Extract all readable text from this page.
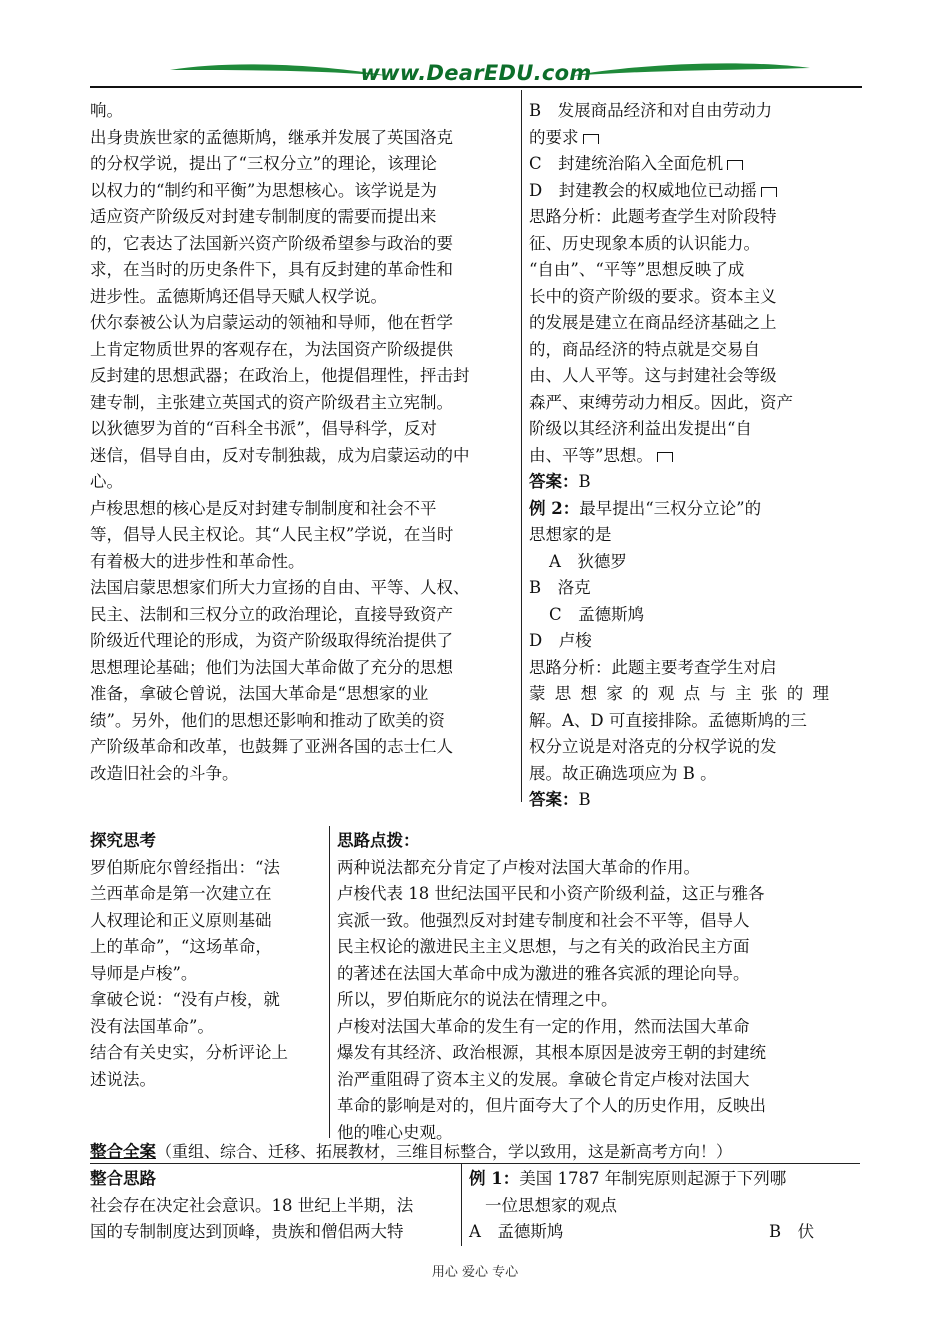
www.DearEDU.com

响。

出身贵族世家的孟德斯鸠，继承并发展了英国洛克

的分权学说，提出了“三权分立”的理论，该理论

以权力的“制约和平衡”为思想核心。该学说是为

适应资产阶级反对封建专制制度的需要而提出来

的，它表达了法国新兴资产阶级希望参与政治的要

求，在当时的历史条件下，具有反封建的革命性和

进步性。孟德斯鸠还倡导天赋人权学说。

伏尔泰被公认为启蒙运动的领袖和导师，他在哲学

上肯定物质世界的客观存在，为法国资产阶级提供

反封建的思想武器；在政治上，他提倡理性，抨击封

建专制，主张建立英国式的资产阶级君主立宪制。

以狄德罗为首的“百科全书派”，倡导科学，反对

迷信，倡导自由，反对专制独裁，成为启蒙运动的中

心。

卢梭思想的核心是反对封建专制制度和社会不平

等，倡导人民主权论。其“人民主权”学说，在当时

有着极大的进步性和革命性。

法国启蒙思想家们所大力宣扬的自由、平等、人权、

民主、法制和三权分立的政治理论，直接导致资产

阶级近代理论的形成，为资产阶级取得统治提供了

思想理论基础；他们为法国大革命做了充分的思想

准备，拿破仑曾说，法国大革命是“思想家的业

绩”。另外，他们的思想还影响和推动了欧美的资

产阶级革命和改革，也鼓舞了亚洲各国的志士仁人

改造旧社会的斗争。

B　发展商品经济和对自由劳动力

的要求

C　封建统治陷入全面危机

D　封建教会的权威地位已动摇

思路分析：此题考查学生对阶段特

征、历史现象本质的认识能力。

“自由”、“平等”思想反映了成

长中的资产阶级的要求。资本主义

的发展是建立在商品经济基础之上

的，商品经济的特点就是交易自

由、人人平等。这与封建社会等级

森严、束缚劳动力相反。因此，资产

阶级以其经济利益出发提出“自

由、平等”思想。

答案：B

例 2：最早提出“三权分立论”的

思想家的是

A　狄德罗

B　洛克

C　孟德斯鸠

D　卢梭

思路分析：此题主要考查学生对启

蒙思想家的观点与主张的理

解。A、D 可直接排除。孟德斯鸠的三

权分立说是对洛克的分权学说的发

展。故正确选项应为 B 。

答案：B

探究思考

罗伯斯庇尔曾经指出：“法

兰西革命是第一次建立在

人权理论和正义原则基础

上的革命”，“这场革命，

导师是卢梭”。

拿破仑说：“没有卢梭，就

没有法国革命”。

结合有关史实，分析评论上

述说法。

思路点拨：

两种说法都充分肯定了卢梭对法国大革命的作用。

卢梭代表 18 世纪法国平民和小资产阶级利益，这正与雅各

宾派一致。他强烈反对封建专制度和社会不平等，倡导人

民主权论的激进民主主义思想，与之有关的政治民主方面

的著述在法国大革命中成为激进的雅各宾派的理论向导。

所以，罗伯斯庇尔的说法在情理之中。

卢梭对法国大革命的发生有一定的作用，然而法国大革命

爆发有其经济、政治根源，其根本原因是波旁王朝的封建统

治严重阻碍了资本主义的发展。拿破仑肯定卢梭对法国大

革命的影响是对的，但片面夸大了个人的历史作用，反映出

他的唯心史观。

整合全案（重组、综合、迁移、拓展教材，三维目标整合，学以致用，这是新高考方向！）

整合思路

社会存在决定社会意识。18 世纪上半期，法

国的专制制度达到顶峰，贵族和僧侣两大特

例 1：美国 1787 年制宪原则起源于下列哪

一位思想家的观点

A　孟德斯鸠	B　伏

用心 爱心 专心
